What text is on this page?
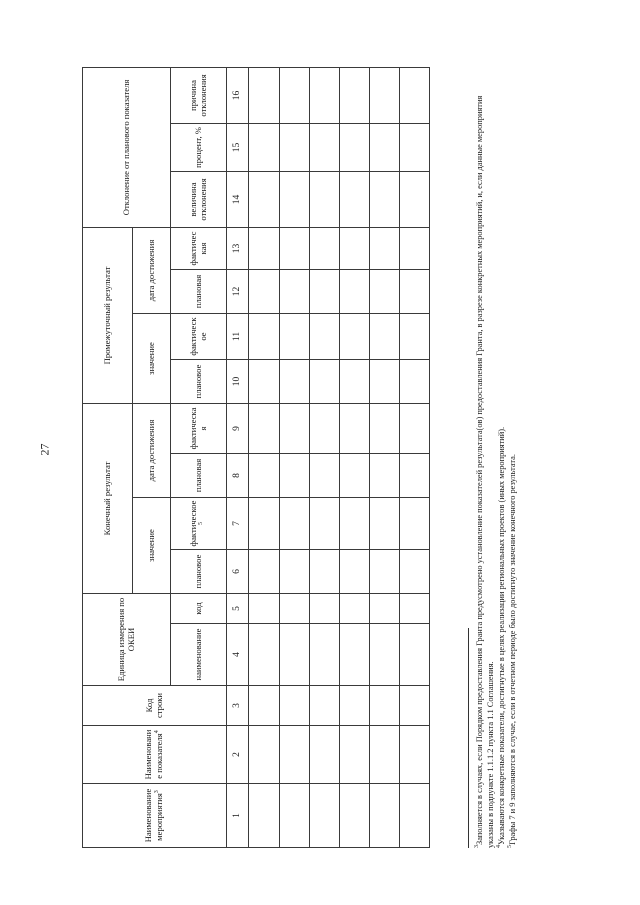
27
Наименование мероприятия$^3$	Наименование показателя$^4$	Код строки	Единица измерения по ОКЕИ		Конечный результат				Промежуточный результат				Отклонение от планового показателя		
					значение		дата достижения		значение		дата достижения				
			наименование	код	плановое	фактическое$^5$	плановая	фактическая	плановое	фактическое	плановая	фактическая	величина отклонения	процент, %	причина отклонения
1	2	3	4	5	6	7	8	9	10	11	12	13	14	15	16

$^3$Заполняется в случаях, если Порядком предоставления Гранта предусмотрено установление показателей результата(ов) предоставления Гранта, в разрезе конкретных мероприятий, и, если данные мероприятия указаны в подпункте 1.1.1.2 пункта 1.1 Соглашения. $^4$Указываются конкретные показатели, достигнутые в целях реализации региональных проектов (иных мероприятий).

$^5$Графы 7 и 9 заполняются в случае, если в отчетном периоде было достигнуто значение конечного результата.
